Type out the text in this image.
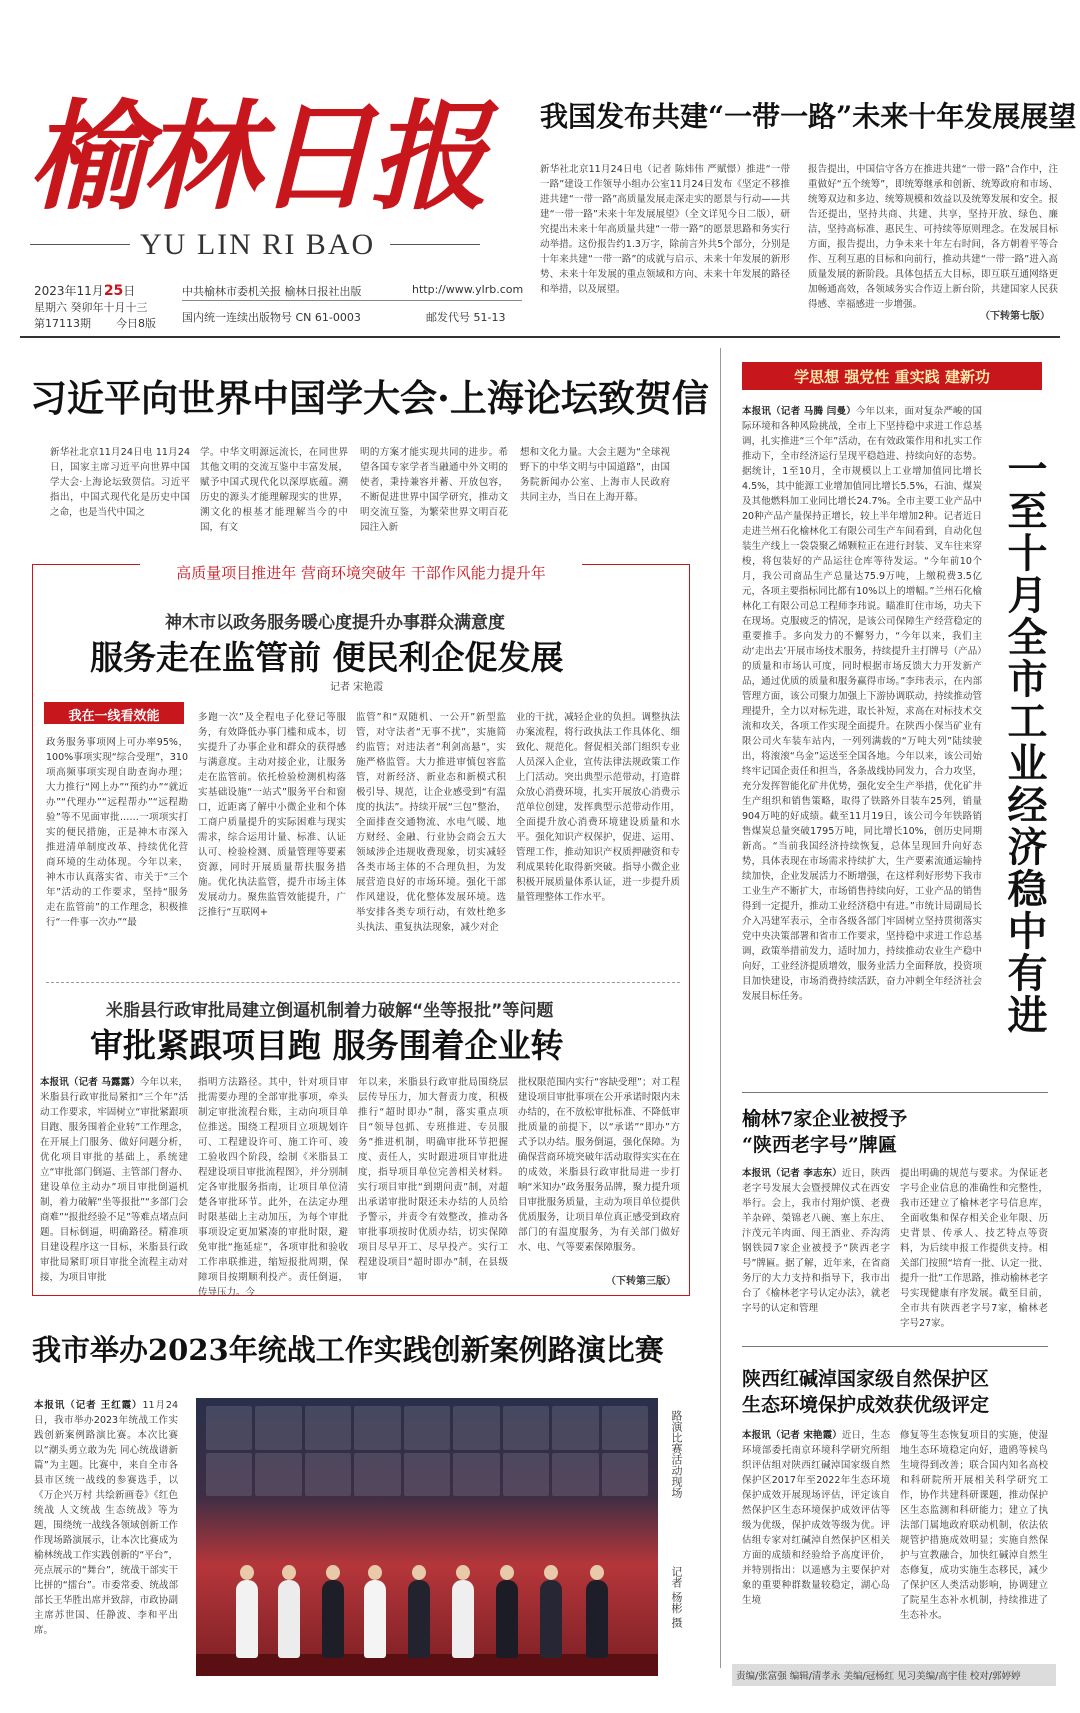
榆林日报
YU LIN RI BAO
2023年11月25日
星期六 癸卯年十月十三
第17113期 今日8版
中共榆林市委机关报 榆林日报社出版	http://www.ylrb.com
国内统一连续出版物号 CN 61-0003	邮发代号 51-13
我国发布共建“一带一路”未来十年发展展望
新华社北京11月24日电（记者 陈炜伟 严赋憬）推进“一带一路”建设工作领导小组办公室11月24日发布《坚定不移推进共建“一带一路”高质量发展走深走实的愿景与行动——共建“一带一路”未来十年发展展望》（全文详见今日二版），研究提出未来十年高质量共建“一带一路”的愿景思路和务实行动举措。这份报告约1.3万字，除前言外共5个部分，分别是十年来共建“一带一路”的成就与启示、未来十年发展的新形势、未来十年发展的重点领域和方向、未来十年发展的路径和举措，以及展望。
报告提出，中国信守各方在推进共建“一带一路”合作中，注重做好“五个统筹”，即统筹继承和创新、统筹政府和市场、统筹双边和多边、统筹规模和效益以及统筹发展和安全。报告还提出，坚持共商、共建、共享，坚持开放、绿色、廉洁，坚持高标准、惠民生、可持续等原则理念。在发展目标方面，报告提出，力争未来十年左右时间，各方朝着平等合作、互利互惠的目标和向前行，推动共建“一带一路”进入高质量发展的新阶段。具体包括五大目标，即互联互通网络更加畅通高效，各领域务实合作迈上新台阶，共建国家人民获得感、幸福感进一步增强。
（下转第七版）
习近平向世界中国学大会·上海论坛致贺信
新华社北京11月24日电 11月24日，国家主席习近平向世界中国学大会·上海论坛致贺信。习近平指出，中国式现代化是历史中国之命，也是当代中国之
学。中华文明源远流长，在同世界其他文明的交流互鉴中丰富发展，赋予中国式现代化以深厚底蕴。溯历史的源头才能理解现实的世界，溯文化的根基才能理解当今的中国，有文
明的方案才能实现共同的进步。希望各国专家学者当融通中外文明的使者，秉持兼容并蓄、开放包容，不断促进世界中国学研究，推动文明交流互鉴，为繁荣世界文明百花园注入新
想和文化力量。大会主题为“全球视野下的中华文明与中国道路”，由国务院新闻办公室、上海市人民政府共同主办，当日在上海开幕。
高质量项目推进年 营商环境突破年 干部作风能力提升年
神木市以政务服务暖心度提升办事群众满意度
服务走在监管前 便民利企促发展
记者 宋艳霞
我在一线看效能
政务服务事项网上可办率95%，100%事项实现“综合受理”，310项高频事项实现自助查询办理；大力推行“网上办”“预约办”“就近办”“代理办”“远程帮办”“远程勘验”等不见面审批……一项项实打实的便民措施，正是神木市深入推进清单制度改革、持续优化营商环境的生动体现。今年以来，神木市认真落实省、市关于“三个年”活动的工作要求，坚持“服务走在监管前”的工作理念，积极推行“一件事一次办”“最
多跑一次”及全程电子化登记等服务，有效降低办事门槛和成本，切实提升了办事企业和群众的获得感与满意度。主动对接企业，让服务走在监管前。依托检验检测机构落实基础设施“一站式”服务平台和窗口，近距离了解中小微企业和个体工商户质量提升的实际困难与现实需求，综合运用计量、标准、认证认可、检验检测、质量管理等要素资源，同时开展质量帮扶服务措施。优化执法监管，提升市场主体发展动力。聚焦监管效能提升，广泛推行“互联网+
监管”和“双随机、一公开”新型监管，对守法者“无事不扰”，实施简约监管；对违法者“利剑高悬”，实施严格监管。大力推进审慎包容监管，对新经济、新业态和新模式积极引导、规范，让企业感受到“有温度的执法”。持续开展“三包”整治，全面排查交通物流、水电气暖、地方财经、金融、行业协会商会五大领域涉企违规收费现象，切实减轻各类市场主体的不合理负担，为发展营造良好的市场环境。强化干部作风建设，优化整体发展环境。选举安排各类专项行动，有效杜绝多头执法、重复执法现象，减少对企
业的干扰，减轻企业的负担。调整执法办案流程，将行政执法工作具体化、细致化、规范化。督促相关部门组织专业人员深入企业，宣传法律法规政策工作上门活动。突出典型示范带动，打造群众放心消费环境，扎实开展放心消费示范单位创建，发挥典型示范带动作用，全面提升放心消费环境建设质量和水平。强化知识产权保护，促进、运用、管理工作，推动知识产权质押融资和专利成果转化取得新突破。指导小微企业积极开展质量体系认证，进一步提升质量管理整体工作水平。
米脂县行政审批局建立倒逼机制着力破解“坐等报批”等问题
审批紧跟项目跑 服务围着企业转
本报讯（记者 马露露）今年以来，米脂县行政审批局紧扣“三个年”活动工作要求，牢固树立“审批紧跟项目跑、服务围着企业转”工作理念，在开展上门服务、做好问题分析，优化项目审批的基础上，系统建立“审批部门倒逼、主管部门督办、建设单位主动办”项目审批倒逼机制，着力破解“坐等报批”“多部门会商难”“报批经验不足”等难点堵点问题。目标倒逼，明确路径。精准项目建设程序这一目标，米脂县行政审批局紧盯项目审批全流程主动对接，为项目审批
指明方法路径。其中，针对项目审批需要办理的全部审批事项，牵头制定审批流程台账，主动向项目单位推送。围绕工程项目立项规划许可、工程建设许可、施工许可、竣工验收四个阶段，绘制《米脂县工程建设项目审批流程图》，并分别制定各审批服务指南，让项目单位清楚各审批环节。此外，在法定办理时限基础上主动加压，为每个审批事项设定更加紧凑的审批时限，避免审批“拖延症”，各项审批和验收工作串联推进，缩短报批周期，保障项目按期顺利投产。责任倒逼，传导压力。今
年以来，米脂县行政审批局围绕层层传导压力，加大督责力度，积极推行“超时即办”制，落实重点项目“领导包抓、专班推进、专员服务”推进机制，明确审批环节把握度、责任人，实时跟进项目审批进度，指导项目单位完善相关材料。实行项目审批“到期问责”制，对超出承诺审批时限还未办结的人员给予警示，并责令有效整改，推动各审批事项按时优质办结，切实保障项目尽早开工、尽早投产。实行工程建设项目“超时即办”制，在县级审
批权限范围内实行“容缺受理”；对工程建设项目审批事项在公开承诺时限内未办结的，在不放松审批标准、不降低审批质量的前提下，以“承诺”“即办”方式予以办结。服务倒逼，强化保障。为确保营商环境突破年活动取得实实在在的成效，米脂县行政审批局进一步打响“米知办”政务服务品牌，聚力提升项目审批服务质量，主动为项目单位提供优质服务，让项目单位真正感受到政府部门的有温度服务，为有关部门做好水、电、气等要素保障服务。
（下转第三版）
我市举办2023年统战工作实践创新案例路演比赛
本报讯（记者 王红霞）11月24日，我市举办2023年统战工作实践创新案例路演比赛。本次比赛以“潮头勇立敢为先 同心统战谱新篇”为主题。比赛中，来自全市各县市区统一战线的参赛选手，以《万企兴万村 共绘新画卷》《红色统战 人文统战 生态统战》等为题，围绕统一战线各领域创新工作作现场路演展示，让本次比赛成为榆林统战工作实践创新的“平台”，亮点展示的“舞台”，统战干部实干比拼的“擂台”。市委常委、统战部部长王华胜出席并致辞，市政协副主席苏世国、任静波、李和平出席。
路演比赛活动现场
记者 杨彬 摄
学思想 强党性 重实践 建新功
本报讯（记者 马腾 闫曼）今年以来，面对复杂严峻的国际环境和各种风险挑战，全市上下坚持稳中求进工作总基调，扎实推进“三个年”活动，在有效政策作用和扎实工作推动下，全市经济运行呈现平稳趋进、持续向好的态势。据统计，1至10月，全市规模以上工业增加值同比增长4.5%，其中能源工业增加值同比增长5.5%，石油、煤炭及其他燃料加工业同比增长24.7%。全市主要工业产品中20种产品产量保持正增长，较上半年增加2种。记者近日走进兰州石化榆林化工有限公司生产车间看到，自动化包装生产线上一袋袋聚乙烯颗粒正在进行封装、叉车往来穿梭，将包装好的产品运往仓库等待发运。“今年前10个月，我公司商品生产总量达75.9万吨，上缴税费3.5亿元，各项主要指标同比都有10%以上的增幅。”兰州石化榆林化工有限公司总工程师李玮说。瞄准盯住市场，功夫下在现场。克服疲乏的情况，是该公司保障生产经营稳定的重要推手。多向发力的不懈努力，“今年以来，我们主动‘走出去’开展市场技术服务，持续提升主打牌号（产品）的质量和市场认可度，同时根据市场反馈大力开发新产品，通过优质的质量和服务赢得市场。”李玮表示，在内部管理方面，该公司聚力加强上下游协调联动，持续推动管理提升，全力以对标先进，取长补短，求高在对标技术交流和攻关，各项工作实现全面提升。在陕西小保当矿业有限公司火车装车站内，一列列满载的“万吨大列”陆续驶出，将滚滚“乌金”运送至全国各地。今年以来，该公司始终牢记国企责任和担当，各条战线协同发力，合力攻坚，充分发挥智能化矿井优势，强化安全生产举措，优化矿井生产组织和销售策略，取得了铁路外目装车25列，销量904万吨的好成绩。截至11月19日，该公司今年铁路销售煤炭总量突破1795万吨，同比增长10%，创历史同期新高。“当前我国经济持续恢复，总体呈现回升向好态势，具体表现在市场需求持续扩大，生产要素流通运输持续加快，企业发展活力不断增强，在这样利好形势下我市工业生产不断扩大，市场销售持续向好，工业产品的销售得到一定提升，推动工业经济稳中有进。”市统计局副局长介入冯建军表示，全市各级各部门牢固树立坚持贯彻落实党中央决策部署和省市工作要求，坚持稳中求进工作总基调，政策举措前发力，适时加力，持续推动农业生产稳中向好，工业经济提质增效，服务业活力全面释放，投资项目加快建设，市场消费持续活跃，奋力冲刺全年经济社会发展目标任务。	一至十月全市工业经济稳中有进
榆林7家企业被授予
“陕西老字号”牌匾
本报讯（记者 李志东）近日，陕西老字号发展大会暨授牌仪式在西安举行。会上，我市付翔炉馍、老费羊杂碎、榮锦老八碗、塞上东庄、汴茂元羊肉面、闯王酒业、乔沟湾钢铁园7家企业被授予“陕西老字号”牌匾。据了解，近年来，在省商务厅的大力支持和指导下，我市出台了《榆林老字号认定办法》，就老字号的认定和管理
提出明确的规范与要求。为保证老字号企业信息的准确性和完整性，我市还建立了榆林老字号信息库，全面收集和保存相关企业年限、历史背景、传承人、技艺特点等资料，为后续申报工作提供支持。相关部门按照“培育一批、认定一批、提升一批”工作思路，推动榆林老字号实现健康有序发展。截至目前，全市共有陕西老字号7家，榆林老字号27家。
陕西红碱淖国家级自然保护区
生态环境保护成效获优级评定
本报讯（记者 宋艳霞）近日，生态环境部委托南京环境科学研究所组织评估组对陕西红碱淖国家级自然保护区2017年至2022年生态环境保护成效开展现场评估，评定该自然保护区生态环境保护成效评估等级为优级，保护成效等级为优。评估组专家对红碱淖自然保护区相关方面的成绩和经验给予高度评价，并特别指出：以遥感为主要保护对象的重要种群数量较稳定，湖心岛生境
修复等生态恢复项目的实施，使湿地生态环境稳定向好，遗鸥等候鸟生境得到改善；联合国内知名高校和科研院所开展相关科学研究工作，协作共建科研课题，推动保护区生态监测和科研能力；建立了执法部门属地政府联动机制，依法依规管护措施成效明显；实施自然保护与宣教融合，加快红碱淖自然生态修复，成功实施生态移民，减少了保护区人类活动影响，协调建立了院星生态补水机制，持续推进了生态补水。
责编/张富强 编辑/清孝永 美编/冠杨红 见习美编/高宇佳 校对/郭婷婷
